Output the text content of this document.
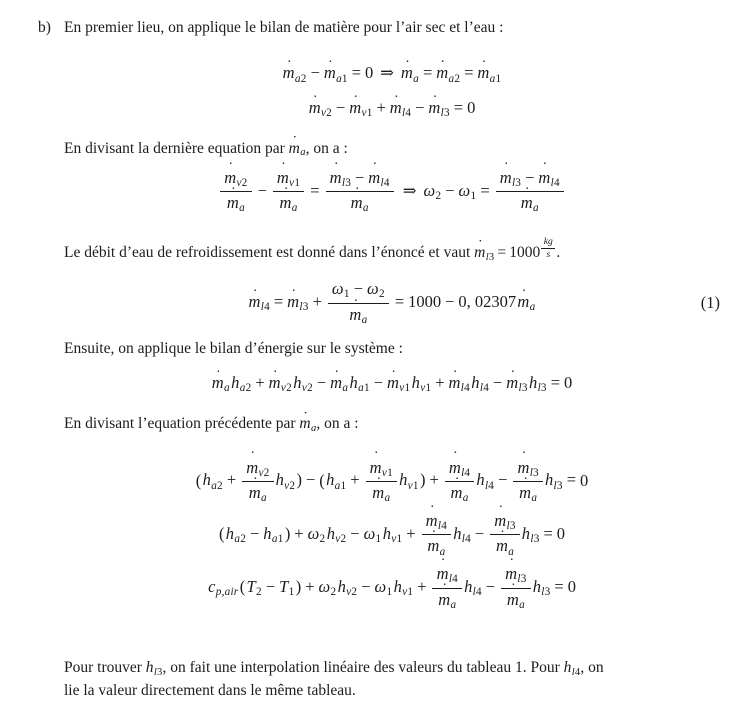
b) En premier lieu, on applique le bilan de matière pour l’air sec et l’eau :
m $˙_{a2} - m$ $˙_{a1} = 0$ ⇒ m $˙_a = m$ $˙_{a2} = m$ $˙_{a1}$
m $˙_{v2} - m$ $˙_{v1} + m$ $˙_{l4} - m$ $˙_{l3} = 0$
En divisant la dernière equation par m $˙_a$, on a :
$\frac{m ˙_{v2}}{m ˙_a} - \frac{m ˙_{v1}}{m ˙_a} = \frac{m ˙_{l3} - m ˙_{l4}}{m ˙_a}$ ⇒ $\omega_2 - \omega_1 = \frac{m ˙_{l3} - m ˙_{l4}}{m ˙_a}$
Le débit d’eau de refroidissement est donné dans l’énoncé et vaut m $˙_{l3} = 1000 \frac{kg}{s}$ .
m $˙_{l4} = m$ $˙_{l3} + \frac{\omega_1 - \omega_2}{m ˙_a} = 1000 - 0$, 02307m $˙_a$	(1)
Ensuite, on applique le bilan d’énergie sur le système :
m $˙_ah_{a2} + m$ $˙_{v2}h_{v2} - m$ $˙_ah_{a1} - m$ $˙_{v1}h_{v1} + m$ $˙_{l4}h_{l4} - m$ $˙_{l3}h_{l3} = 0$
En divisant l’equation précédente par m $˙_a$, on a :
$(h_{a2} + \frac{m ˙_{v2}}{m ˙_a} h_{v2}) - (h_{a1} + \frac{m ˙_{v1}}{m ˙_a} h_{v1}) + \frac{m ˙_{l4}}{m ˙_a} h_{l4} - \frac{m ˙_{l3}}{m ˙_a} h_{l3} = 0$
$(h_{a2} - h_{a1}) + \omega_2h_{v2} - \omega_1h_{v1} + \frac{m ˙_{l4}}{m ˙_a} h_{l4} - \frac{m ˙_{l3}}{m ˙_a} h_{l3} = 0$
$c_{p,air}(T_2 - T_1) + \omega_2h_{v2} - \omega_1h_{v1} + \frac{m ˙_{l4}}{m ˙_a} h_{l4} - \frac{m ˙_{l3}}{m ˙_a} h_{l3} = 0$
Pour trouver $h_{l3}$, on fait une interpolation linéaire des valeurs du tableau 1. Pour $h_{l4}$, on
lie la valeur directement dans le même tableau.
